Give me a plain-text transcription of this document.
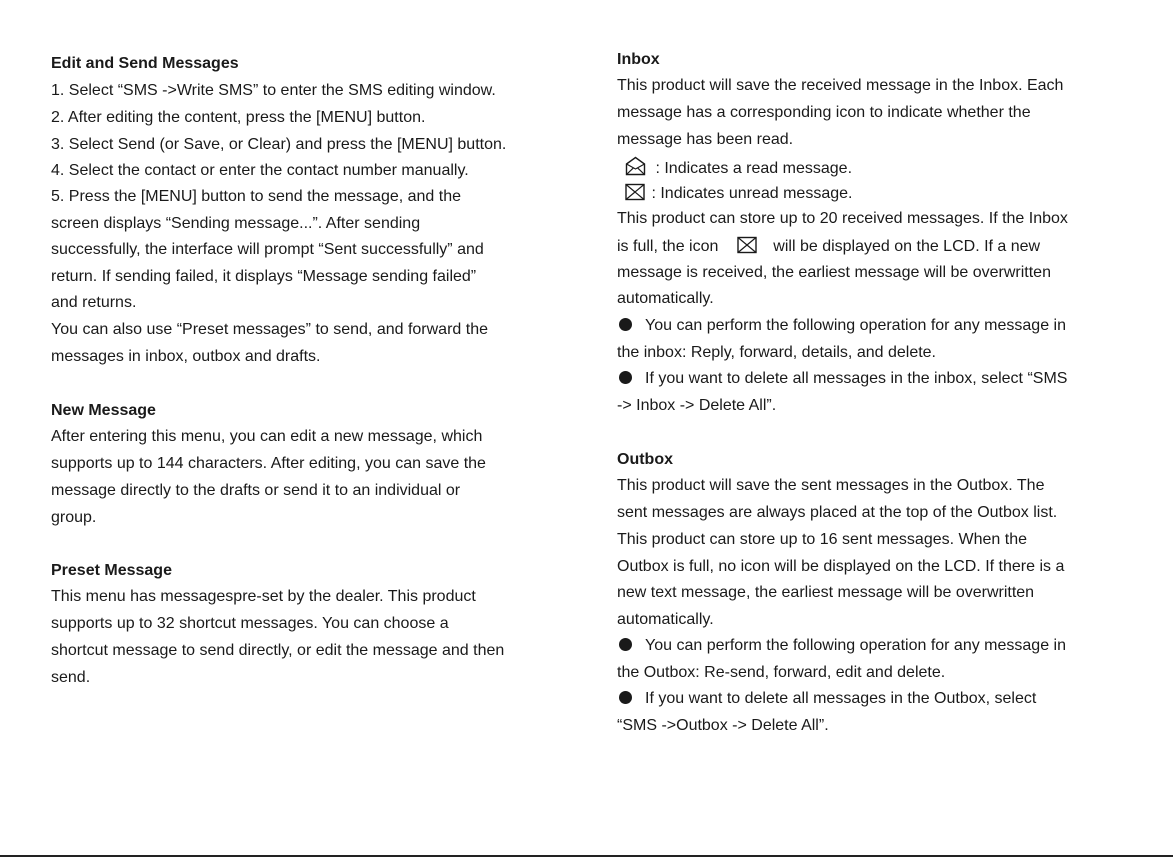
Edit and Send Messages
1. Select “SMS ->Write SMS” to enter the SMS editing window.
2. After editing the content, press the [MENU] button.
3. Select Send (or Save, or Clear) and press the [MENU] button.
4. Select the contact or enter the contact number manually.
5. Press the [MENU] button to send the message, and the
screen displays “Sending message...”. After sending
successfully, the interface will prompt “Sent successfully” and
return. If sending failed, it displays “Message sending failed”
and returns.
You can also use “Preset messages” to send, and forward the
messages in inbox, outbox and drafts.
New Message
After entering this menu, you can edit a new message, which
supports up to 144 characters. After editing, you can save the
message directly to the drafts or send it to an individual or
group.
Preset Message
This menu has messagespre-set by the dealer. This product
supports up to 32 shortcut messages. You can choose a
shortcut message to send directly, or edit the message and then
send.
Inbox
This product will save the received message in the Inbox. Each
message has a corresponding icon to indicate whether the
message has been read.
: Indicates a read message.
: Indicates unread message.
This product can store up to 20 received messages. If the Inbox
is full, the icon	will be displayed on the LCD. If a new
message is received, the earliest message will be overwritten
automatically.
You can perform the following operation for any message in
the inbox: Reply, forward, details, and delete.
If you want to delete all messages in the inbox, select “SMS
-> Inbox -> Delete All”.
Outbox
This product will save the sent messages in the Outbox. The
sent messages are always placed at the top of the Outbox list.
This product can store up to 16 sent messages. When the
Outbox is full, no icon will be displayed on the LCD. If there is a
new text message, the earliest message will be overwritten
automatically.
You can perform the following operation for any message in
the Outbox: Re-send, forward, edit and delete.
If you want to delete all messages in the Outbox, select
“SMS ->Outbox -> Delete All”.
